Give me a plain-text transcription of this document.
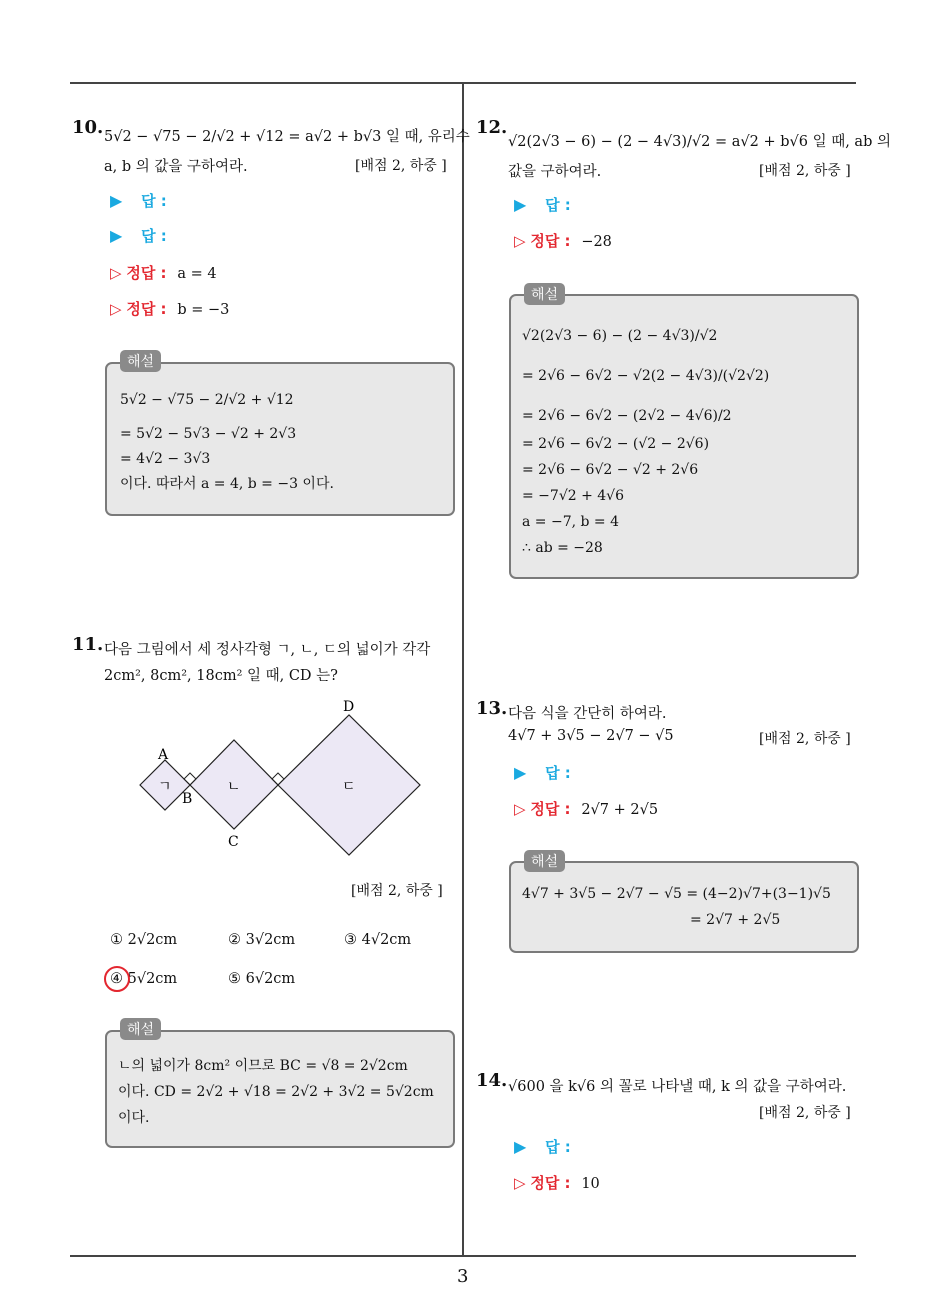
3
10. 5√2 − √75 − 2/√2 + √12 = a√2 + b√3 일 때, 유리수
a, b 의 값을 구하여라.	[배점 2, 하중 ]
▶ 답 :
▶ 답 :
▷ 정답 : a = 4
▷ 정답 : b = −3
해설
5√2 − √75 − 2/√2 + √12
= 5√2 − 5√3 − √2 + 2√3
= 4√2 − 3√3
이다. 따라서 a = 4, b = −3 이다.
11. 다음 그림에서 세 정사각형 ㄱ, ㄴ, ㄷ의 넓이가 각각
2cm², 8cm², 18cm² 일 때, CD 는?
A
B
C
D
ㄱ	ㄴ	ㄷ
[배점 2, 하중 ]
① 2√2cm	② 3√2cm	③ 4√2cm
④ 5√2cm	⑤ 6√2cm
해설
ㄴ의 넓이가 8cm² 이므로 BC = √8 = 2√2cm
이다. CD = 2√2 + √18 = 2√2 + 3√2 = 5√2cm
이다.
12.
√2(2√3 − 6) − (2 − 4√3)/√2 = a√2 + b√6 일 때, ab 의
값을 구하여라.	[배점 2, 하중 ]
▶ 답 :
▷ 정답 : −28
해설
√2(2√3 − 6) − (2 − 4√3)/√2
= 2√6 − 6√2 − √2(2 − 4√3)/(√2√2)
= 2√6 − 6√2 − (2√2 − 4√6)/2
= 2√6 − 6√2 − (√2 − 2√6)
= 2√6 − 6√2 − √2 + 2√6
= −7√2 + 4√6
a = −7, b = 4
∴ ab = −28
13. 다음 식을 간단히 하여라.
4√7 + 3√5 − 2√7 − √5	[배점 2, 하중 ]
▶ 답 :
▷ 정답 : 2√7 + 2√5
해설
4√7 + 3√5 − 2√7 − √5 = (4−2)√7+(3−1)√5
= 2√7 + 2√5
14. √600 을 k√6 의 꼴로 나타낼 때, k 의 값을 구하여라.
[배점 2, 하중 ]
▶ 답 :
▷ 정답 : 10
